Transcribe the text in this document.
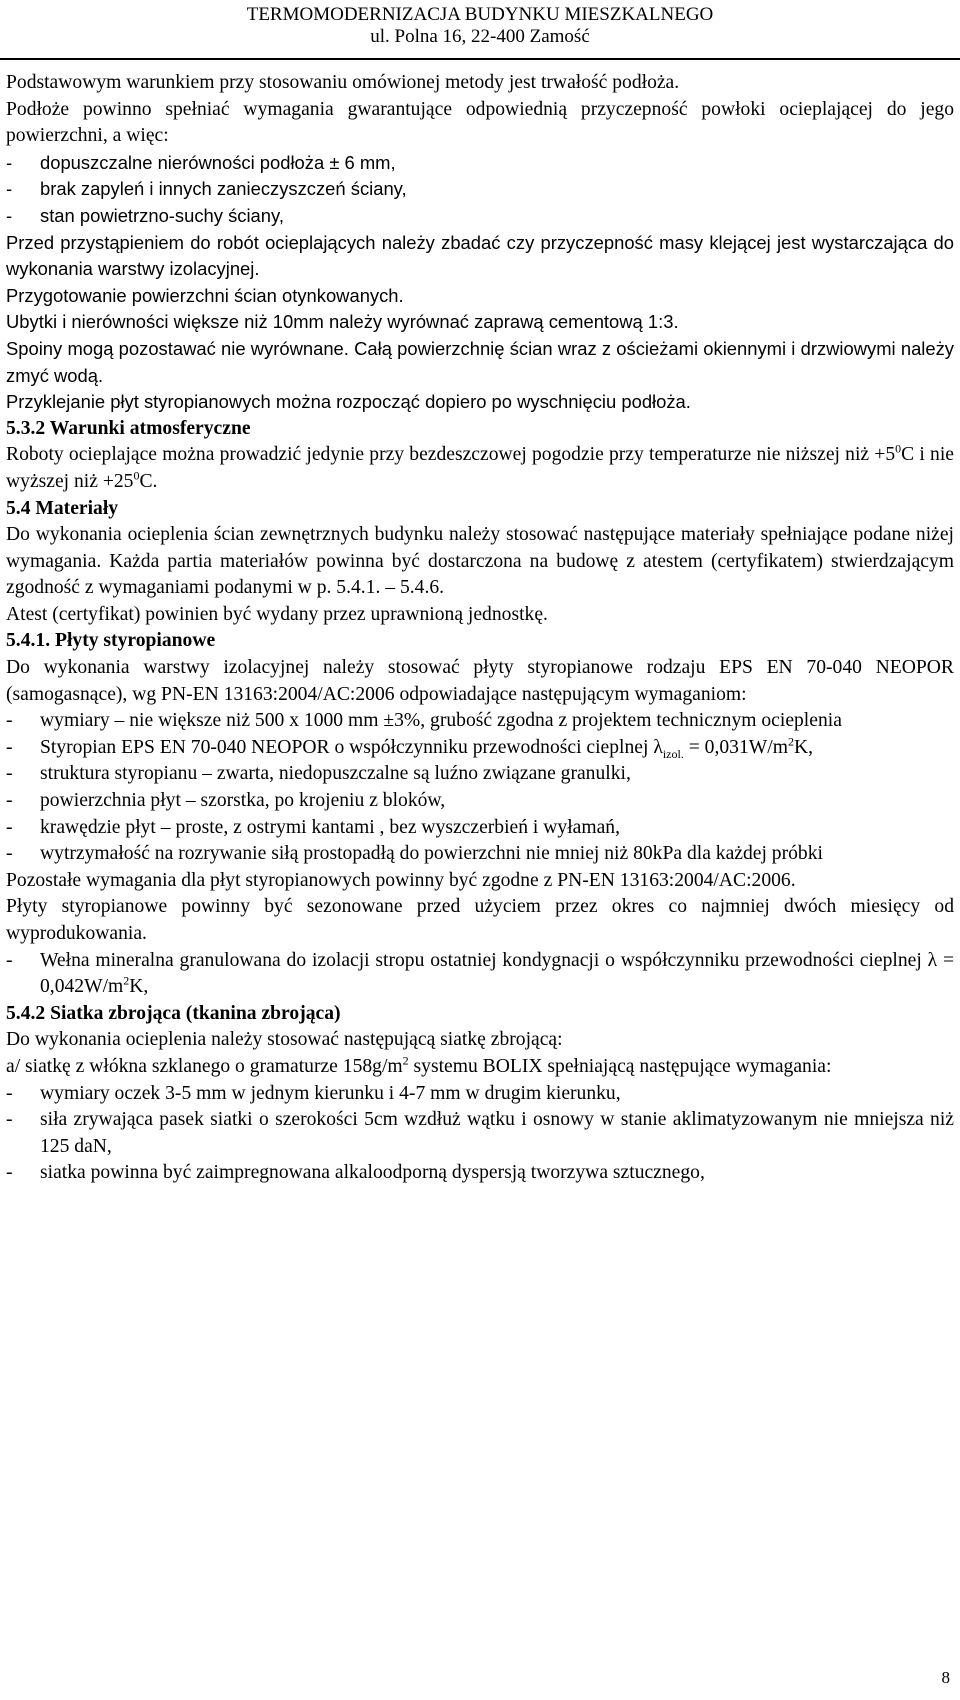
TERMOMODERNIZACJA BUDYNKU MIESZKALNEGO
ul. Polna 16, 22-400 Zamość
Podstawowym warunkiem przy stosowaniu omówionej metody jest trwałość podłoża.
Podłoże powinno spełniać wymagania gwarantujące odpowiednią przyczepność powłoki ocieplającej do jego powierzchni, a więc:
-	dopuszczalne nierówności podłoża ± 6 mm,
-	brak zapyleń i innych zanieczyszczeń ściany,
-	stan powietrzno-suchy ściany,
Przed przystąpieniem do robót ocieplających należy zbadać czy przyczepność masy klejącej jest wystarczająca do wykonania warstwy izolacyjnej.
Przygotowanie powierzchni ścian otynkowanych.
Ubytki i nierówności większe niż 10mm należy wyrównać zaprawą cementową 1:3.
Spoiny mogą pozostawać nie wyrównane. Całą powierzchnię ścian wraz z ościeżami okiennymi i drzwiowymi należy zmyć wodą.
Przyklejanie płyt styropianowych można rozpocząć dopiero po wyschnięciu podłoża.
5.3.2 Warunki atmosferyczne
Roboty ocieplające można prowadzić jedynie przy bezdeszczowej pogodzie przy temperaturze nie niższej niż $+5^0C$ i nie wyższej niż $+25^0C$.
5.4 Materiały
Do wykonania ocieplenia ścian zewnętrznych budynku należy stosować następujące materiały spełniające podane niżej wymagania. Każda partia materiałów powinna być dostarczona na budowę z atestem (certyfikatem) stwierdzającym zgodność z wymaganiami podanymi w p. 5.4.1. – 5.4.6.
Atest (certyfikat) powinien być wydany przez uprawnioną jednostkę.
5.4.1. Płyty styropianowe
Do wykonania warstwy izolacyjnej należy stosować płyty styropianowe rodzaju EPS EN 70-040 NEOPOR (samogasnące), wg PN-EN 13163:2004/AC:2006 odpowiadające następującym wymaganiom:
-	wymiary – nie większe niż 500 x 1000 mm ±3%, grubość zgodna z projektem technicznym ocieplenia
-	Styropian EPS EN 70-040 NEOPOR o współczynniku przewodności cieplnej $\lambda_{izol.} = 0,031W/m^2K$,
-	struktura styropianu – zwarta, niedopuszczalne są luźno związane granulki,
-	powierzchnia płyt – szorstka, po krojeniu z bloków,
-	krawędzie płyt – proste, z ostrymi kantami , bez wyszczerbień i wyłamań,
-	wytrzymałość na rozrywanie siłą prostopadłą do powierzchni nie mniej niż 80kPa dla każdej próbki
Pozostałe wymagania dla płyt styropianowych powinny być zgodne z PN-EN 13163:2004/AC:2006.
Płyty styropianowe powinny być sezonowane przed użyciem przez okres co najmniej dwóch miesięcy od wyprodukowania.
-	Wełna mineralna granulowana do izolacji stropu ostatniej kondygnacji o współczynniku przewodności cieplnej $\lambda = 0,042W/m^2K$,
5.4.2 Siatka zbrojąca (tkanina zbrojąca)
Do wykonania ocieplenia należy stosować następującą siatkę zbrojącą:
a/ siatkę z włókna szklanego o gramaturze $158g/m^2$ systemu BOLIX spełniającą następujące wymagania:
-	wymiary oczek 3-5 mm w jednym kierunku i 4-7 mm w drugim kierunku,
-	siła zrywająca pasek siatki o szerokości 5cm wzdłuż wątku i osnowy w stanie aklimatyzowanym nie mniejsza niż 125 daN,
-	siatka powinna być zaimpregnowana alkaloodporną dyspersją tworzywa sztucznego,
8
